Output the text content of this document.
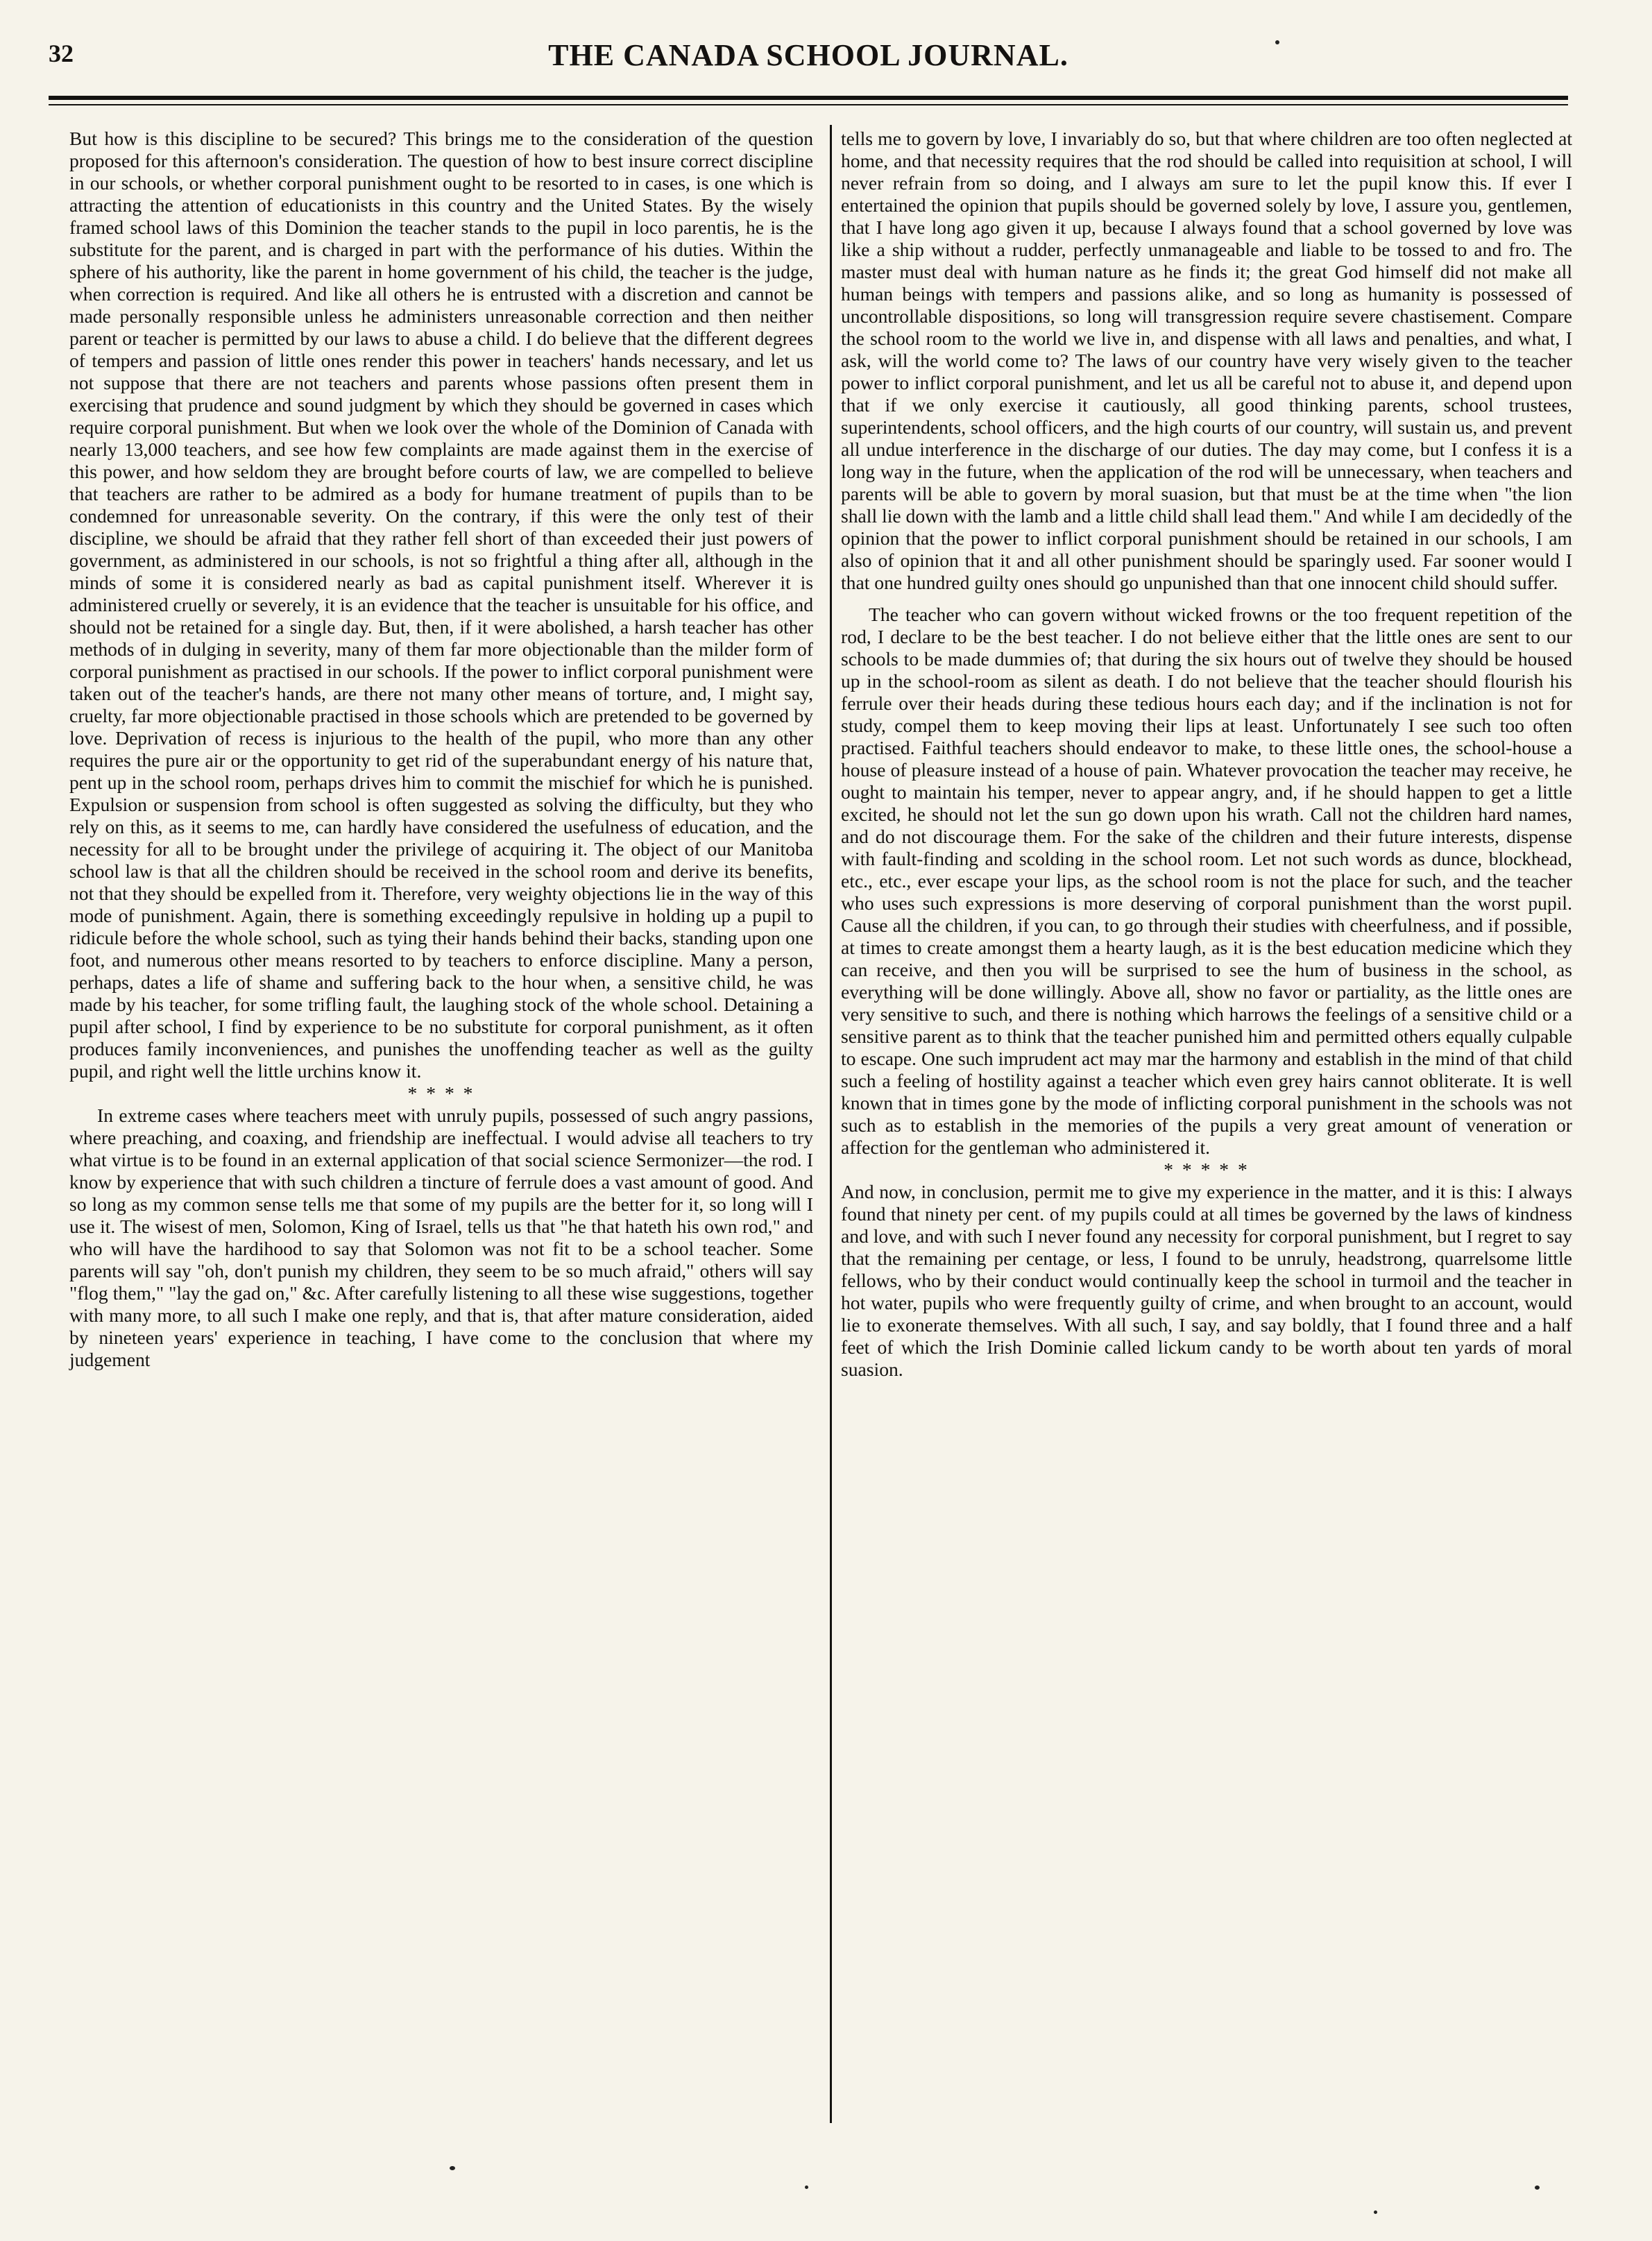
32	THE CANADA SCHOOL JOURNAL.

But how is this discipline to be secured? This brings me to the consideration of the question proposed for this afternoon's consideration. The question of how to best insure correct discipline in our schools, or whether corporal punishment ought to be resorted to in cases, is one which is attracting the attention of educationists in this country and the United States. By the wisely framed school laws of this Dominion the teacher stands to the pupil in loco parentis, he is the substitute for the parent, and is charged in part with the performance of his duties. Within the sphere of his authority, like the parent in home government of his child, the teacher is the judge, when correction is required. And like all others he is entrusted with a discretion and cannot be made personally responsible unless he administers unreasonable correction and then neither parent or teacher is permitted by our laws to abuse a child. I do believe that the different degrees of tempers and passion of little ones render this power in teachers' hands necessary, and let us not suppose that there are not teachers and parents whose passions often present them in exercising that prudence and sound judgment by which they should be governed in cases which require corporal punishment. But when we look over the whole of the Dominion of Canada with nearly 13,000 teachers, and see how few complaints are made against them in the exercise of this power, and how seldom they are brought before courts of law, we are compelled to believe that teachers are rather to be admired as a body for humane treatment of pupils than to be condemned for unreasonable severity. On the contrary, if this were the only test of their discipline, we should be afraid that they rather fell short of than exceeded their just powers of government, as administered in our schools, is not so frightful a thing after all, although in the minds of some it is considered nearly as bad as capital punishment itself. Wherever it is administered cruelly or severely, it is an evidence that the teacher is unsuitable for his office, and should not be retained for a single day. But, then, if it were abolished, a harsh teacher has other methods of in dulging in severity, many of them far more objectionable than the milder form of corporal punishment as practised in our schools. If the power to inflict corporal punishment were taken out of the teacher's hands, are there not many other means of torture, and, I might say, cruelty, far more objectionable practised in those schools which are pretended to be governed by love. Deprivation of recess is injurious to the health of the pupil, who more than any other requires the pure air or the opportunity to get rid of the superabundant energy of his nature that, pent up in the school room, perhaps drives him to commit the mischief for which he is punished. Expulsion or suspension from school is often suggested as solving the difficulty, but they who rely on this, as it seems to me, can hardly have considered the usefulness of education, and the necessity for all to be brought under the privilege of acquiring it. The object of our Manitoba school law is that all the children should be received in the school room and derive its benefits, not that they should be expelled from it. Therefore, very weighty objections lie in the way of this mode of punishment. Again, there is something exceedingly repulsive in holding up a pupil to ridicule before the whole school, such as tying their hands behind their backs, standing upon one foot, and numerous other means resorted to by teachers to enforce discipline. Many a person, perhaps, dates a life of shame and suffering back to the hour when, a sensitive child, he was made by his teacher, for some trifling fault, the laughing stock of the whole school. Detaining a pupil after school, I find by experience to be no substitute for corporal punishment, as it often produces family inconveniences, and punishes the unoffending teacher as well as the guilty pupil, and right well the little urchins know it.

* * * *

In extreme cases where teachers meet with unruly pupils, possessed of such angry passions, where preaching, and coaxing, and friendship are ineffectual. I would advise all teachers to try what virtue is to be found in an external application of that social science Sermonizer—the rod. I know by experience that with such children a tincture of ferrule does a vast amount of good. And so long as my common sense tells me that some of my pupils are the better for it, so long will I use it. The wisest of men, Solomon, King of Israel, tells us that "he that hateth his own rod," and who will have the hardihood to say that Solomon was not fit to be a school teacher. Some parents will say "oh, don't punish my children, they seem to be so much afraid," others will say "flog them," "lay the gad on," &c. After carefully listening to all these wise suggestions, together with many more, to all such I make one reply, and that is, that after mature consideration, aided by nineteen years' experience in teaching, I have come to the conclusion that where my judgement

tells me to govern by love, I invariably do so, but that where children are too often neglected at home, and that necessity requires that the rod should be called into requisition at school, I will never refrain from so doing, and I always am sure to let the pupil know this. If ever I entertained the opinion that pupils should be governed solely by love, I assure you, gentlemen, that I have long ago given it up, because I always found that a school governed by love was like a ship without a rudder, perfectly unmanageable and liable to be tossed to and fro. The master must deal with human nature as he finds it; the great God himself did not make all human beings with tempers and passions alike, and so long as humanity is possessed of uncontrollable dispositions, so long will transgression require severe chastisement. Compare the school room to the world we live in, and dispense with all laws and penalties, and what, I ask, will the world come to? The laws of our country have very wisely given to the teacher power to inflict corporal punishment, and let us all be careful not to abuse it, and depend upon that if we only exercise it cautiously, all good thinking parents, school trustees, superintendents, school officers, and the high courts of our country, will sustain us, and prevent all undue interference in the discharge of our duties. The day may come, but I confess it is a long way in the future, when the application of the rod will be unnecessary, when teachers and parents will be able to govern by moral suasion, but that must be at the time when "the lion shall lie down with the lamb and a little child shall lead them." And while I am decidedly of the opinion that the power to inflict corporal punishment should be retained in our schools, I am also of opinion that it and all other punishment should be sparingly used. Far sooner would I that one hundred guilty ones should go unpunished than that one innocent child should suffer.

The teacher who can govern without wicked frowns or the too frequent repetition of the rod, I declare to be the best teacher. I do not believe either that the little ones are sent to our schools to be made dummies of; that during the six hours out of twelve they should be housed up in the school-room as silent as death. I do not believe that the teacher should flourish his ferrule over their heads during these tedious hours each day; and if the inclination is not for study, compel them to keep moving their lips at least. Unfortunately I see such too often practised. Faithful teachers should endeavor to make, to these little ones, the school-house a house of pleasure instead of a house of pain. Whatever provocation the teacher may receive, he ought to maintain his temper, never to appear angry, and, if he should happen to get a little excited, he should not let the sun go down upon his wrath. Call not the children hard names, and do not discourage them. For the sake of the children and their future interests, dispense with fault-finding and scolding in the school room. Let not such words as dunce, blockhead, etc., etc., ever escape your lips, as the school room is not the place for such, and the teacher who uses such expressions is more deserving of corporal punishment than the worst pupil. Cause all the children, if you can, to go through their studies with cheerfulness, and if possible, at times to create amongst them a hearty laugh, as it is the best education medicine which they can receive, and then you will be surprised to see the hum of business in the school, as everything will be done willingly. Above all, show no favor or partiality, as the little ones are very sensitive to such, and there is nothing which harrows the feelings of a sensitive child or a sensitive parent as to think that the teacher punished him and permitted others equally culpable to escape. One such imprudent act may mar the harmony and establish in the mind of that child such a feeling of hostility against a teacher which even grey hairs cannot obliterate. It is well known that in times gone by the mode of inflicting corporal punishment in the schools was not such as to establish in the memories of the pupils a very great amount of veneration or affection for the gentleman who administered it.

* * * * *

And now, in conclusion, permit me to give my experience in the matter, and it is this: I always found that ninety per cent. of my pupils could at all times be governed by the laws of kindness and love, and with such I never found any necessity for corporal punishment, but I regret to say that the remaining per centage, or less, I found to be unruly, headstrong, quarrelsome little fellows, who by their conduct would continually keep the school in turmoil and the teacher in hot water, pupils who were frequently guilty of crime, and when brought to an account, would lie to exonerate themselves. With all such, I say, and say boldly, that I found three and a half feet of which the Irish Dominie called lickum candy to be worth about ten yards of moral suasion.
